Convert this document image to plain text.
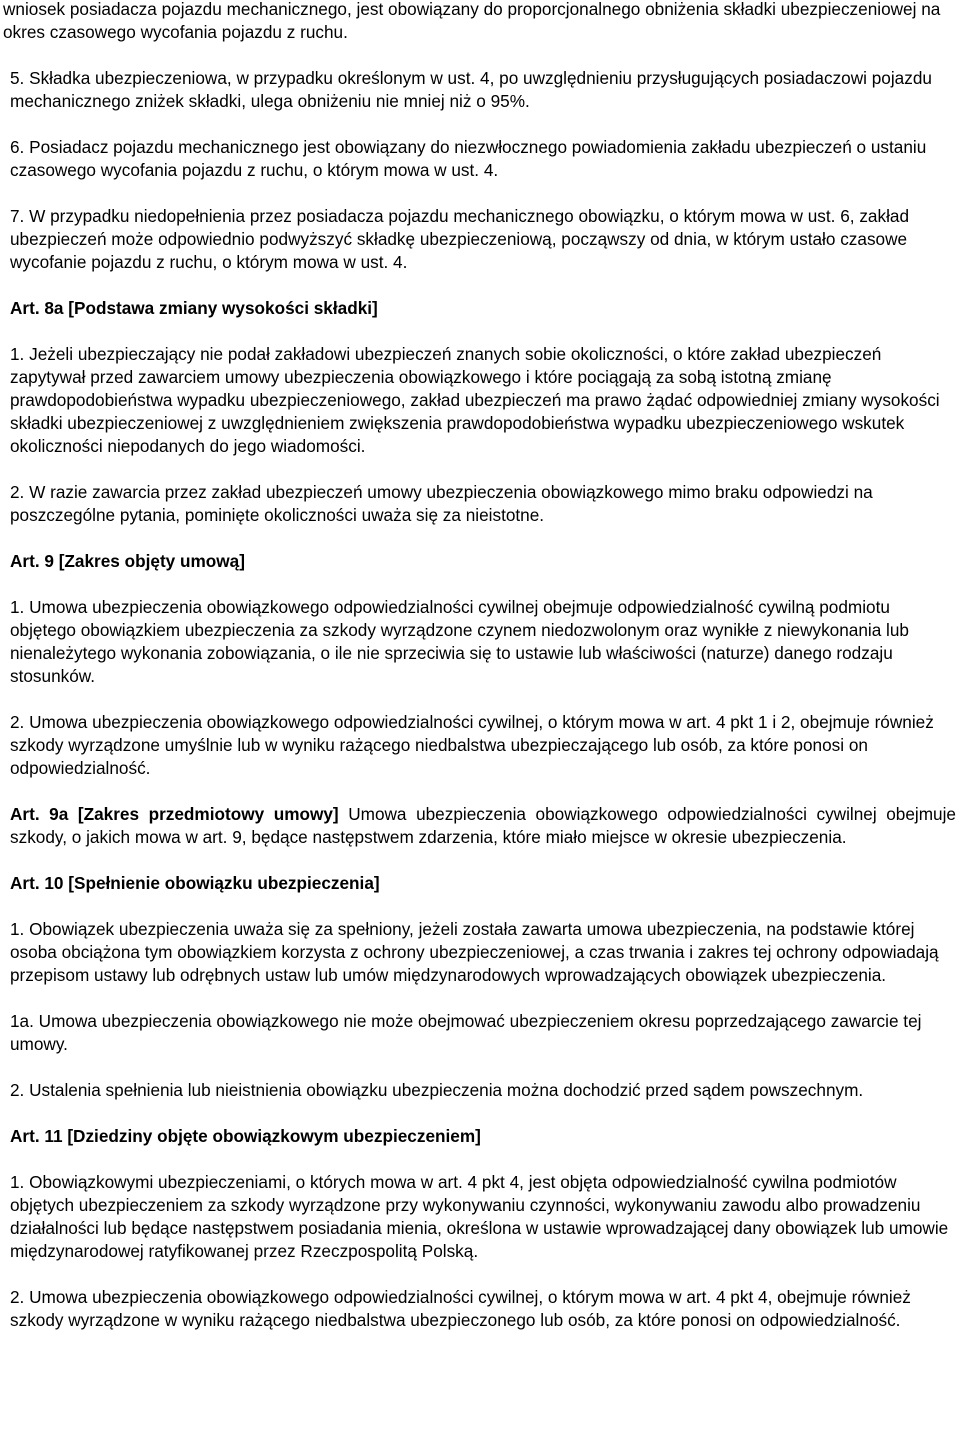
wniosek posiadacza pojazdu mechanicznego, jest obowiązany do proporcjonalnego obniżenia składki ubezpieczeniowej na okres czasowego wycofania pojazdu z ruchu.

5. Składka ubezpieczeniowa, w przypadku określonym w ust. 4, po uwzględnieniu przysługujących posiadaczowi pojazdu mechanicznego zniżek składki, ulega obniżeniu nie mniej niż o 95%.

6. Posiadacz pojazdu mechanicznego jest obowiązany do niezwłocznego powiadomienia zakładu ubezpieczeń o ustaniu czasowego wycofania pojazdu z ruchu, o którym mowa w ust. 4.

7. W przypadku niedopełnienia przez posiadacza pojazdu mechanicznego obowiązku, o którym mowa w ust. 6, zakład ubezpieczeń może odpowiednio podwyższyć składkę ubezpieczeniową, począwszy od dnia, w którym ustało czasowe wycofanie pojazdu z ruchu, o którym mowa w ust. 4.

Art. 8a [Podstawa zmiany wysokości składki]

1. Jeżeli ubezpieczający nie podał zakładowi ubezpieczeń znanych sobie okoliczności, o które zakład ubezpieczeń zapytywał przed zawarciem umowy ubezpieczenia obowiązkowego i które pociągają za sobą istotną zmianę prawdopodobieństwa wypadku ubezpieczeniowego, zakład ubezpieczeń ma prawo żądać odpowiedniej zmiany wysokości składki ubezpieczeniowej z uwzględnieniem zwiększenia prawdopodobieństwa wypadku ubezpieczeniowego wskutek okoliczności niepodanych do jego wiadomości.

2. W razie zawarcia przez zakład ubezpieczeń umowy ubezpieczenia obowiązkowego mimo braku odpowiedzi na poszczególne pytania, pominięte okoliczności uważa się za nieistotne.

Art. 9 [Zakres objęty umową]

1. Umowa ubezpieczenia obowiązkowego odpowiedzialności cywilnej obejmuje odpowiedzialność cywilną podmiotu objętego obowiązkiem ubezpieczenia za szkody wyrządzone czynem niedozwolonym oraz wynikłe z niewykonania lub nienależytego wykonania zobowiązania, o ile nie sprzeciwia się to ustawie lub właściwości (naturze) danego rodzaju stosunków.

2. Umowa ubezpieczenia obowiązkowego odpowiedzialności cywilnej, o którym mowa w art. 4 pkt 1 i 2, obejmuje również szkody wyrządzone umyślnie lub w wyniku rażącego niedbalstwa ubezpieczającego lub osób, za które ponosi on odpowiedzialność.

Art. 9a [Zakres przedmiotowy umowy] Umowa ubezpieczenia obowiązkowego odpowiedzialności cywilnej obejmuje szkody, o jakich mowa w art. 9, będące następstwem zdarzenia, które miało miejsce w okresie ubezpieczenia.

Art. 10 [Spełnienie obowiązku ubezpieczenia]

1. Obowiązek ubezpieczenia uważa się za spełniony, jeżeli została zawarta umowa ubezpieczenia, na podstawie której osoba obciążona tym obowiązkiem korzysta z ochrony ubezpieczeniowej, a czas trwania i zakres tej ochrony odpowiadają przepisom ustawy lub odrębnych ustaw lub umów międzynarodowych wprowadzających obowiązek ubezpieczenia.

1a. Umowa ubezpieczenia obowiązkowego nie może obejmować ubezpieczeniem okresu poprzedzającego zawarcie tej umowy.

2. Ustalenia spełnienia lub nieistnienia obowiązku ubezpieczenia można dochodzić przed sądem powszechnym.

Art. 11 [Dziedziny objęte obowiązkowym ubezpieczeniem]

1. Obowiązkowymi ubezpieczeniami, o których mowa w art. 4 pkt 4, jest objęta odpowiedzialność cywilna podmiotów objętych ubezpieczeniem za szkody wyrządzone przy wykonywaniu czynności, wykonywaniu zawodu albo prowadzeniu działalności lub będące następstwem posiadania mienia, określona w ustawie wprowadzającej dany obowiązek lub umowie międzynarodowej ratyfikowanej przez Rzeczpospolitą Polską.

2. Umowa ubezpieczenia obowiązkowego odpowiedzialności cywilnej, o którym mowa w art. 4 pkt 4, obejmuje również szkody wyrządzone w wyniku rażącego niedbalstwa ubezpieczonego lub osób, za które ponosi on odpowiedzialność.
